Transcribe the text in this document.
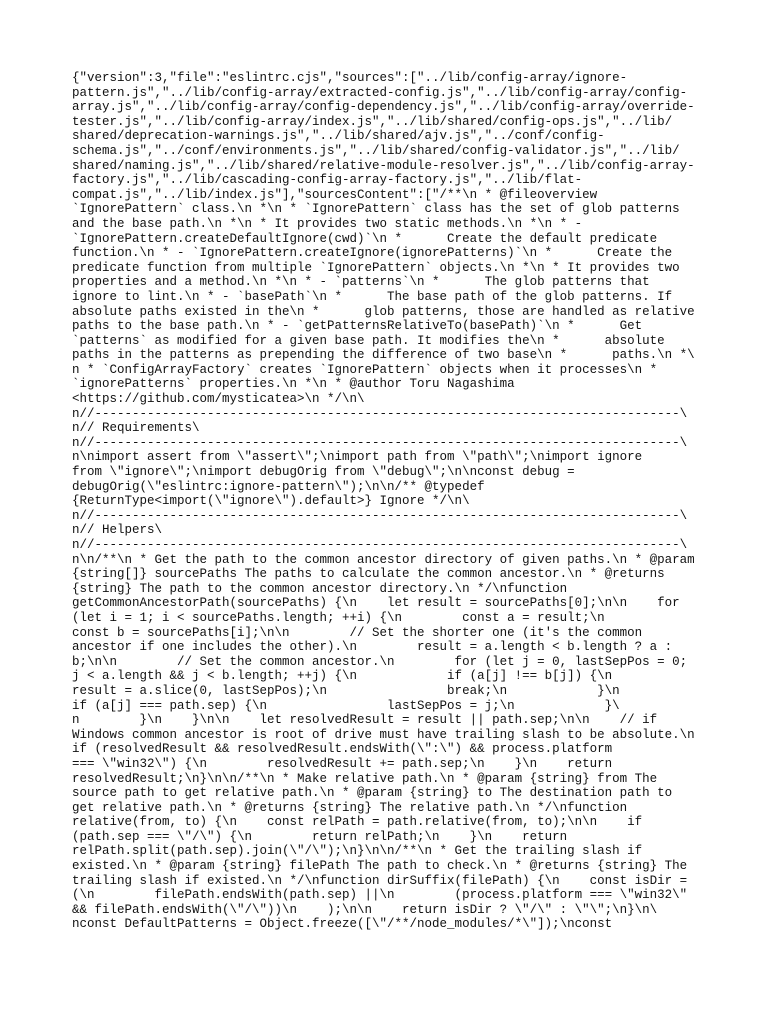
{"version":3,"file":"eslintrc.cjs","sources":["../lib/config-array/ignore-
pattern.js","../lib/config-array/extracted-config.js","../lib/config-array/config-
array.js","../lib/config-array/config-dependency.js","../lib/config-array/override-
tester.js","../lib/config-array/index.js","../lib/shared/config-ops.js","../lib/
shared/deprecation-warnings.js","../lib/shared/ajv.js","../conf/config-
schema.js","../conf/environments.js","../lib/shared/config-validator.js","../lib/
shared/naming.js","../lib/shared/relative-module-resolver.js","../lib/config-array-
factory.js","../lib/cascading-config-array-factory.js","../lib/flat-
compat.js","../lib/index.js"],"sourcesContent":["/**\n * @fileoverview
`IgnorePattern` class.\n *\n * `IgnorePattern` class has the set of glob patterns
and the base path.\n *\n * It provides two static methods.\n *\n * -
`IgnorePattern.createDefaultIgnore(cwd)`\n *      Create the default predicate
function.\n * - `IgnorePattern.createIgnore(ignorePatterns)`\n *      Create the
predicate function from multiple `IgnorePattern` objects.\n *\n * It provides two
properties and a method.\n *\n * - `patterns`\n *      The glob patterns that
ignore to lint.\n * - `basePath`\n *      The base path of the glob patterns. If
absolute paths existed in the\n *      glob patterns, those are handled as relative
paths to the base path.\n * - `getPatternsRelativeTo(basePath)`\n *      Get
`patterns` as modified for a given base path. It modifies the\n *      absolute
paths in the patterns as prepending the difference of two base\n *      paths.\n *\
n * `ConfigArrayFactory` creates `IgnorePattern` objects when it processes\n *
`ignorePatterns` properties.\n *\n * @author Toru Nagashima
<https://github.com/mysticatea>\n */\n\
n//------------------------------------------------------------------------------\
n// Requirements\
n//------------------------------------------------------------------------------\
n\nimport assert from \"assert\";\nimport path from \"path\";\nimport ignore
from \"ignore\";\nimport debugOrig from \"debug\";\n\nconst debug =
debugOrig(\"eslintrc:ignore-pattern\");\n\n/** @typedef
{ReturnType<import(\"ignore\").default>} Ignore */\n\
n//------------------------------------------------------------------------------\
n// Helpers\
n//------------------------------------------------------------------------------\
n\n/**\n * Get the path to the common ancestor directory of given paths.\n * @param
{string[]} sourcePaths The paths to calculate the common ancestor.\n * @returns
{string} The path to the common ancestor directory.\n */\nfunction
getCommonAncestorPath(sourcePaths) {\n    let result = sourcePaths[0];\n\n    for
(let i = 1; i < sourcePaths.length; ++i) {\n        const a = result;\n
const b = sourcePaths[i];\n\n        // Set the shorter one (it's the common
ancestor if one includes the other).\n        result = a.length < b.length ? a :
b;\n\n        // Set the common ancestor.\n        for (let j = 0, lastSepPos = 0;
j < a.length && j < b.length; ++j) {\n            if (a[j] !== b[j]) {\n
result = a.slice(0, lastSepPos);\n                break;\n            }\n
if (a[j] === path.sep) {\n                lastSepPos = j;\n            }\
n        }\n    }\n\n    let resolvedResult = result || path.sep;\n\n    // if
Windows common ancestor is root of drive must have trailing slash to be absolute.\n
if (resolvedResult && resolvedResult.endsWith(\":\") && process.platform
=== \"win32\") {\n        resolvedResult += path.sep;\n    }\n    return
resolvedResult;\n}\n\n/**\n * Make relative path.\n * @param {string} from The
source path to get relative path.\n * @param {string} to The destination path to
get relative path.\n * @returns {string} The relative path.\n */\nfunction
relative(from, to) {\n    const relPath = path.relative(from, to);\n\n    if
(path.sep === \"/\") {\n        return relPath;\n    }\n    return
relPath.split(path.sep).join(\"/\");\n}\n\n/**\n * Get the trailing slash if
existed.\n * @param {string} filePath The path to check.\n * @returns {string} The
trailing slash if existed.\n */\nfunction dirSuffix(filePath) {\n    const isDir =
(\n        filePath.endsWith(path.sep) ||\n        (process.platform === \"win32\"
&& filePath.endsWith(\"/\"))\n    );\n\n    return isDir ? \"/\" : \"\";\n}\n\
nconst DefaultPatterns = Object.freeze([\"/**/node_modules/*\"]);\nconst
